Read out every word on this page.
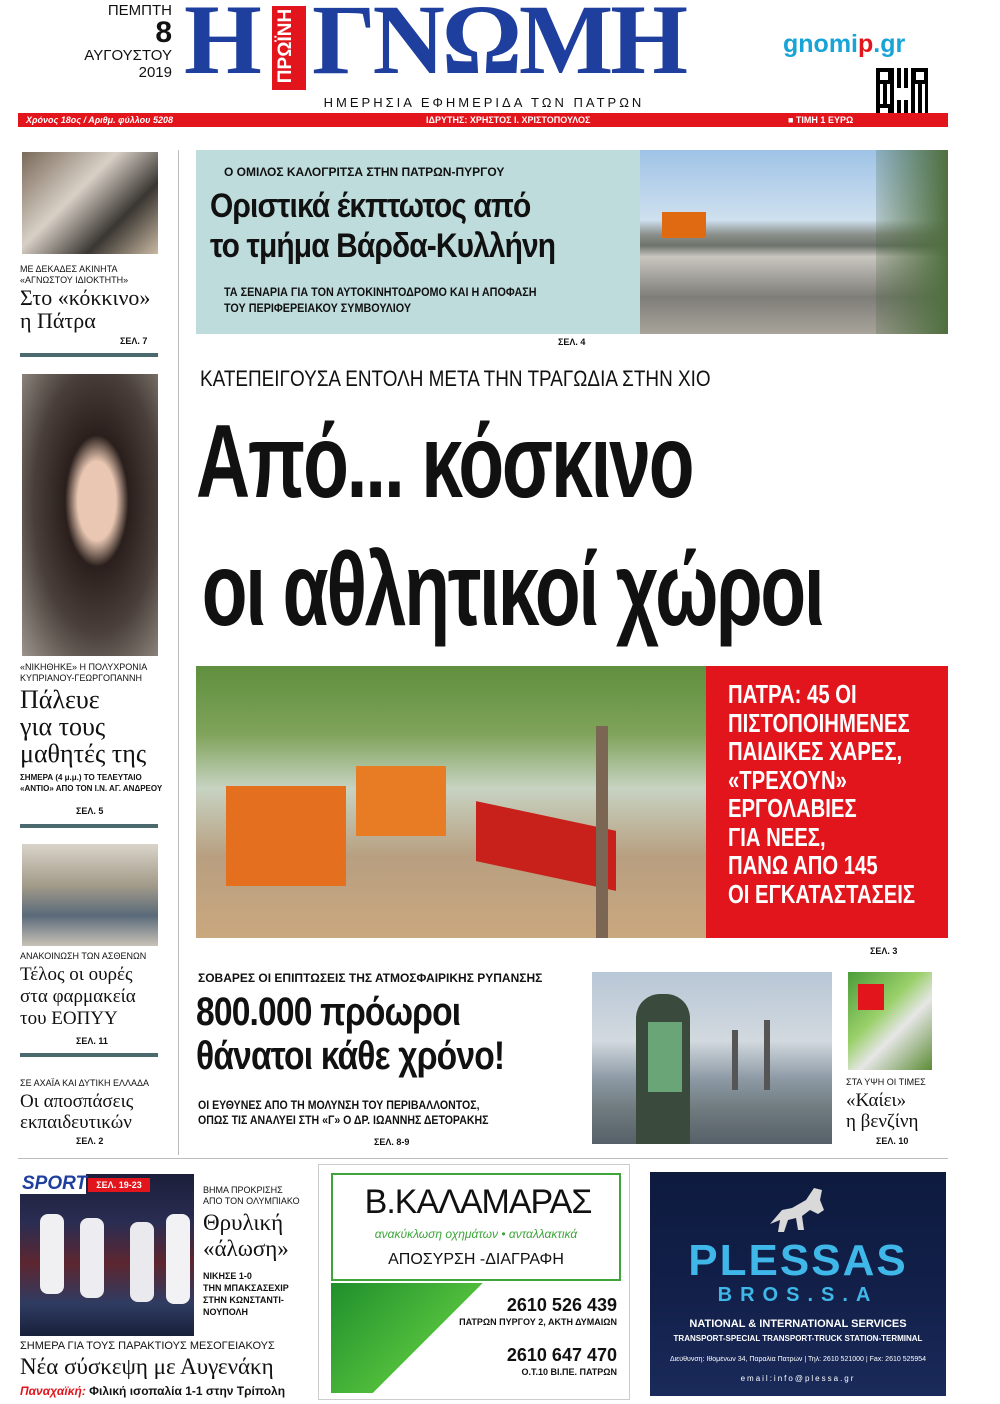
ΠΕΜΠΤΗ
8
ΑΥΓΟΥΣΤΟΥ
2019 Η ΠΡΩΪΝΗ ΓΝΩΜΗ	gnomip.gr
ΗΜΕΡΗΣΙΑ ΕΦΗΜΕΡΙΔΑ ΤΩΝ ΠΑΤΡΩΝ
Χρόνος 18ος / Αριθμ. φύλλου 5208	ΙΔΡΥΤΗΣ: ΧΡΗΣΤΟΣ Ι. ΧΡΙΣΤΟΠΟΥΛΟΣ	■ ΤΙΜΗ 1 ΕΥΡΩ
ΜΕ ΔΕΚΑΔΕΣ ΑΚΙΝΗΤΑ
«ΑΓΝΩΣΤΟΥ ΙΔΙΟΚΤΗΤΗ»
Στο «κόκκινο»
η Πάτρα
ΣΕΛ. 7
«ΝΙΚΗΘΗΚΕ» Η ΠΟΛΥΧΡΟΝΙΑ
ΚΥΠΡΙΑΝΟΥ-ΓΕΩΡΓΟΠΑΝΝΗ
Πάλευε
για τους
μαθητές της
ΣΗΜΕΡΑ (4 μ.μ.) ΤΟ ΤΕΛΕΥΤΑΙΟ
«ΑΝΤΙΟ» ΑΠΟ ΤΟΝ Ι.Ν. ΑΓ. ΑΝΔΡΕΟΥ
ΣΕΛ. 5
ΑΝΑΚΟΙΝΩΣΗ ΤΩΝ ΑΣΘΕΝΩΝ
Τέλος οι ουρές
στα φαρμακεία
του ΕΟΠΥΥ
ΣΕΛ. 11
ΣΕ ΑΧΑΪΑ ΚΑΙ ΔΥΤΙΚΗ ΕΛΛΑΔΑ
Οι αποσπάσεις
εκπαιδευτικών
ΣΕΛ. 2
Ο ΟΜΙΛΟΣ ΚΑΛΟΓΡΙΤΣΑ ΣΤΗΝ ΠΑΤΡΩΝ-ΠΥΡΓΟΥ
Οριστικά έκπτωτος από
το τμήμα Βάρδα-Κυλλήνη
ΤΑ ΣΕΝΑΡΙΑ ΓΙΑ ΤΟΝ ΑΥΤΟΚΙΝΗΤΟΔΡΟΜΟ ΚΑΙ Η ΑΠΟΦΑΣΗ
ΤΟΥ ΠΕΡΙΦΕΡΕΙΑΚΟΥ ΣΥΜΒΟΥΛΙΟΥ
ΣΕΛ. 4
ΚΑΤΕΠΕΙΓΟΥΣΑ ΕΝΤΟΛΗ ΜΕΤΑ ΤΗΝ ΤΡΑΓΩΔΙΑ ΣΤΗΝ ΧΙΟ
Από... κόσκινο
οι αθλητικοί χώροι
ΠΑΤΡΑ: 45 ΟΙ
ΠΙΣΤΟΠΟΙΗΜΕΝΕΣ
ΠΑΙΔΙΚΕΣ ΧΑΡΕΣ,
«ΤΡΕΧΟΥΝ»
ΕΡΓΟΛΑΒΙΕΣ
ΓΙΑ ΝΕΕΣ,
ΠΑΝΩ ΑΠΟ 145
ΟΙ ΕΓΚΑΤΑΣΤΑΣΕΙΣ
ΣΕΛ. 3
ΣΟΒΑΡΕΣ ΟΙ ΕΠΙΠΤΩΣΕΙΣ ΤΗΣ ΑΤΜΟΣΦΑΙΡΙΚΗΣ ΡΥΠΑΝΣΗΣ
800.000 πρόωροι
θάνατοι κάθε χρόνο!
ΟΙ ΕΥΘΥΝΕΣ ΑΠΟ ΤΗ ΜΟΛΥΝΣΗ ΤΟΥ ΠΕΡΙΒΑΛΛΟΝΤΟΣ,
ΟΠΩΣ ΤΙΣ ΑΝΑΛΥΕΙ ΣΤΗ «Γ» Ο ΔΡ. ΙΩΑΝΝΗΣ ΔΕΤΟΡΑΚΗΣ
ΣΕΛ. 8-9
ΣΤΑ ΥΨΗ ΟΙ ΤΙΜΕΣ
«Καίει»
η βενζίνη
ΣΕΛ. 10
SPORT	ΣΕΛ. 19-23	ΒΗΜΑ ΠΡΟΚΡΙΣΗΣ
ΑΠΟ ΤΟΝ ΟΛΥΜΠΙΑΚΟ
Θρυλική
«άλωση»
ΝΙΚΗΣΕ 1-0
ΤΗΝ ΜΠΑΚΣΑΣΕΧΙΡ
ΣΤΗΝ ΚΩΝΣΤΑΝΤΙ-
ΝΟΥΠΟΛΗ
ΣΗΜΕΡΑ ΓΙΑ ΤΟΥΣ ΠΑΡΑΚΤΙΟΥΣ ΜΕΣΟΓΕΙΑΚΟΥΣ
Νέα σύσκεψη με Αυγενάκη
Παναχαϊκή: Φιλική ισοπαλία 1-1 στην Τρίπολη
Β.ΚΑΛΑΜΑΡΑΣ
ανακύκλωση οχημάτων • ανταλλακτικά
ΑΠΟΣΥΡΣΗ -ΔΙΑΓΡΑΦΗ
2610 526 439
ΠΑΤΡΩΝ ΠΥΡΓΟΥ 2, ΑΚΤΗ ΔΥΜΑΙΩΝ
2610 647 470
Ο.Τ.10 ΒΙ.ΠΕ. ΠΑΤΡΩΝ
PLESSAS
BROS.S.A
NATIONAL & INTERNATIONAL SERVICES
TRANSPORT-SPECIAL TRANSPORT-TRUCK STATION-TERMINAL
Διεύθυνση: Ιθομένων 34, Παραλία Πατρών | Τηλ: 2610 521000 | Fax: 2610 525954
email:info@plessa.gr
